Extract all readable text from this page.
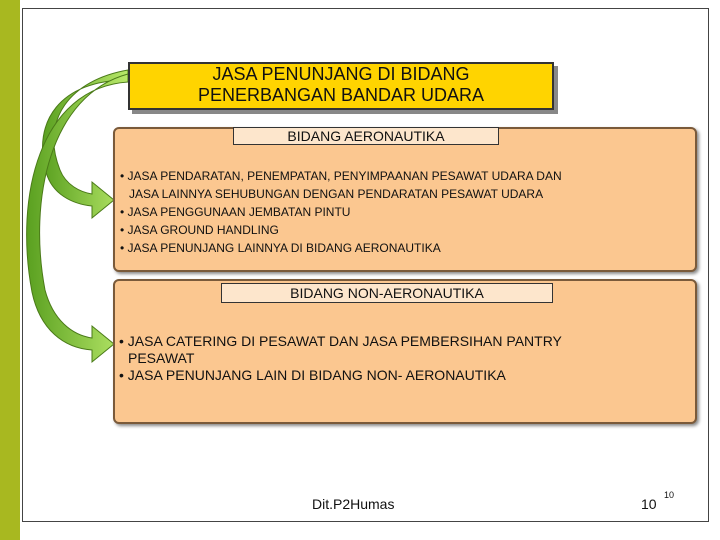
JASA PENUNJANG DI BIDANG
PENERBANGAN BANDAR UDARA
BIDANG AERONAUTIKA
• JASA PENDARATAN, PENEMPATAN, PENYIMPAANAN PESAWAT UDARA DAN
JASA LAINNYA SEHUBUNGAN DENGAN PENDARATAN PESAWAT UDARA
• JASA PENGGUNAAN JEMBATAN PINTU
• JASA GROUND HANDLING
• JASA PENUNJANG LAINNYA DI BIDANG AERONAUTIKA
BIDANG NON-AERONAUTIKA
• JASA CATERING DI PESAWAT DAN JASA PEMBERSIHAN PANTRY
PESAWAT
• JASA PENUNJANG LAIN DI BIDANG NON- AERONAUTIKA
Dit.P2Humas	10
10
